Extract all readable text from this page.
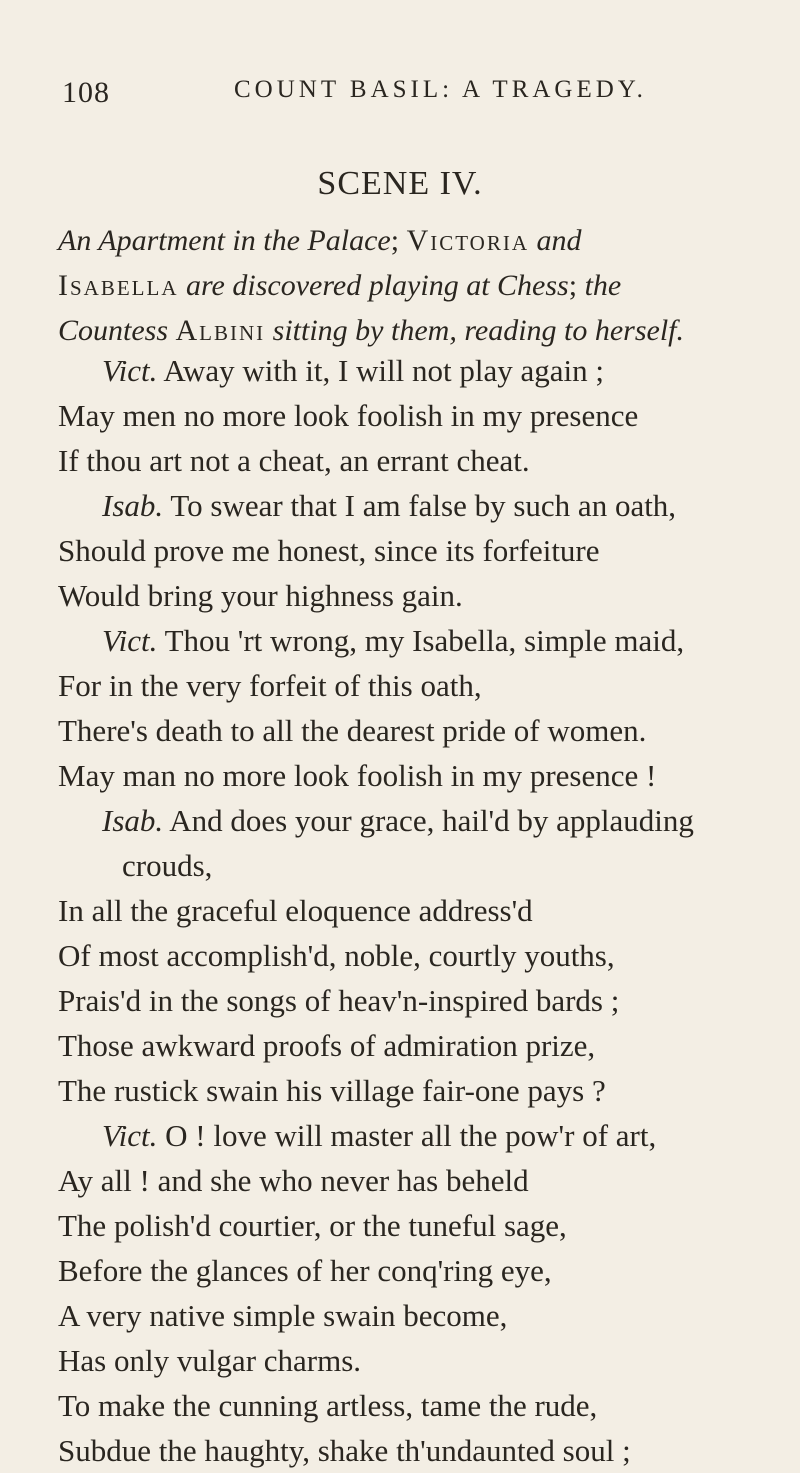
108	COUNT BASIL: A TRAGEDY.
SCENE IV.
An Apartment in the Palace; Victoria and
Isabella are discovered playing at Chess; the
Countess Albini sitting by them, reading to herself.
Vict. Away with it, I will not play again ;
May men no more look foolish in my presence
If thou art not a cheat, an errant cheat.
Isab. To swear that I am false by such an oath,
Should prove me honest, since its forfeiture
Would bring your highness gain.
Vict. Thou 'rt wrong, my Isabella, simple maid,
For in the very forfeit of this oath,
There's death to all the dearest pride of women.
May man no more look foolish in my presence !
Isab. And does your grace, hail'd by applauding
crouds,
In all the graceful eloquence address'd
Of most accomplish'd, noble, courtly youths,
Prais'd in the songs of heav'n-inspired bards ;
Those awkward proofs of admiration prize,
The rustick swain his village fair-one pays ?
Vict. O ! love will master all the pow'r of art,
Ay all ! and she who never has beheld
The polish'd courtier, or the tuneful sage,
Before the glances of her conq'ring eye,
A very native simple swain become,
Has only vulgar charms.
To make the cunning artless, tame the rude,
Subdue the haughty, shake th'undaunted soul ;
